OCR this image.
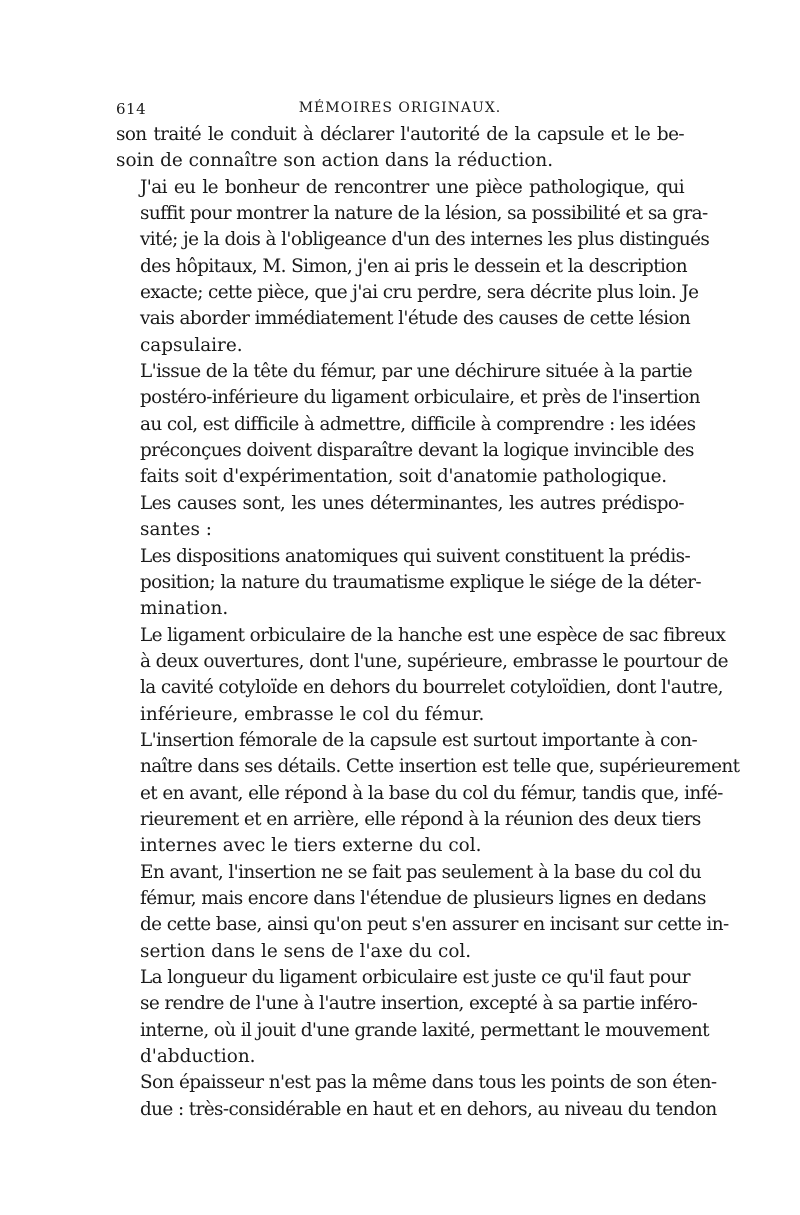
614	MÉMOIRES ORIGINAUX.

son traité le conduit à déclarer l'autorité de la capsule et le be-
soin de connaître son action dans la réduction.

J'ai eu le bonheur de rencontrer une pièce pathologique, qui
suffit pour montrer la nature de la lésion, sa possibilité et sa gra-
vité; je la dois à l'obligeance d'un des internes les plus distingués
des hôpitaux, M. Simon, j'en ai pris le dessein et la description
exacte; cette pièce, que j'ai cru perdre, sera décrite plus loin. Je
vais aborder immédiatement l'étude des causes de cette lésion
capsulaire.

L'issue de la tête du fémur, par une déchirure située à la partie
postéro-inférieure du ligament orbiculaire, et près de l'insertion
au col, est difficile à admettre, difficile à comprendre : les idées
préconçues doivent disparaître devant la logique invincible des
faits soit d'expérimentation, soit d'anatomie pathologique.

Les causes sont, les unes déterminantes, les autres prédispo-
santes :

Les dispositions anatomiques qui suivent constituent la prédis-
position; la nature du traumatisme explique le siége de la déter-
mination.

Le ligament orbiculaire de la hanche est une espèce de sac fibreux
à deux ouvertures, dont l'une, supérieure, embrasse le pourtour de
la cavité cotyloïde en dehors du bourrelet cotyloïdien, dont l'autre,
inférieure, embrasse le col du fémur.

L'insertion fémorale de la capsule est surtout importante à con-
naître dans ses détails. Cette insertion est telle que, supérieurement
et en avant, elle répond à la base du col du fémur, tandis que, infé-
rieurement et en arrière, elle répond à la réunion des deux tiers
internes avec le tiers externe du col.

En avant, l'insertion ne se fait pas seulement à la base du col du
fémur, mais encore dans l'étendue de plusieurs lignes en dedans
de cette base, ainsi qu'on peut s'en assurer en incisant sur cette in-
sertion dans le sens de l'axe du col.

La longueur du ligament orbiculaire est juste ce qu'il faut pour
se rendre de l'une à l'autre insertion, excepté à sa partie inféro-
interne, où il jouit d'une grande laxité, permettant le mouvement
d'abduction.

Son épaisseur n'est pas la même dans tous les points de son éten-
due : très-considérable en haut et en dehors, au niveau du tendon
